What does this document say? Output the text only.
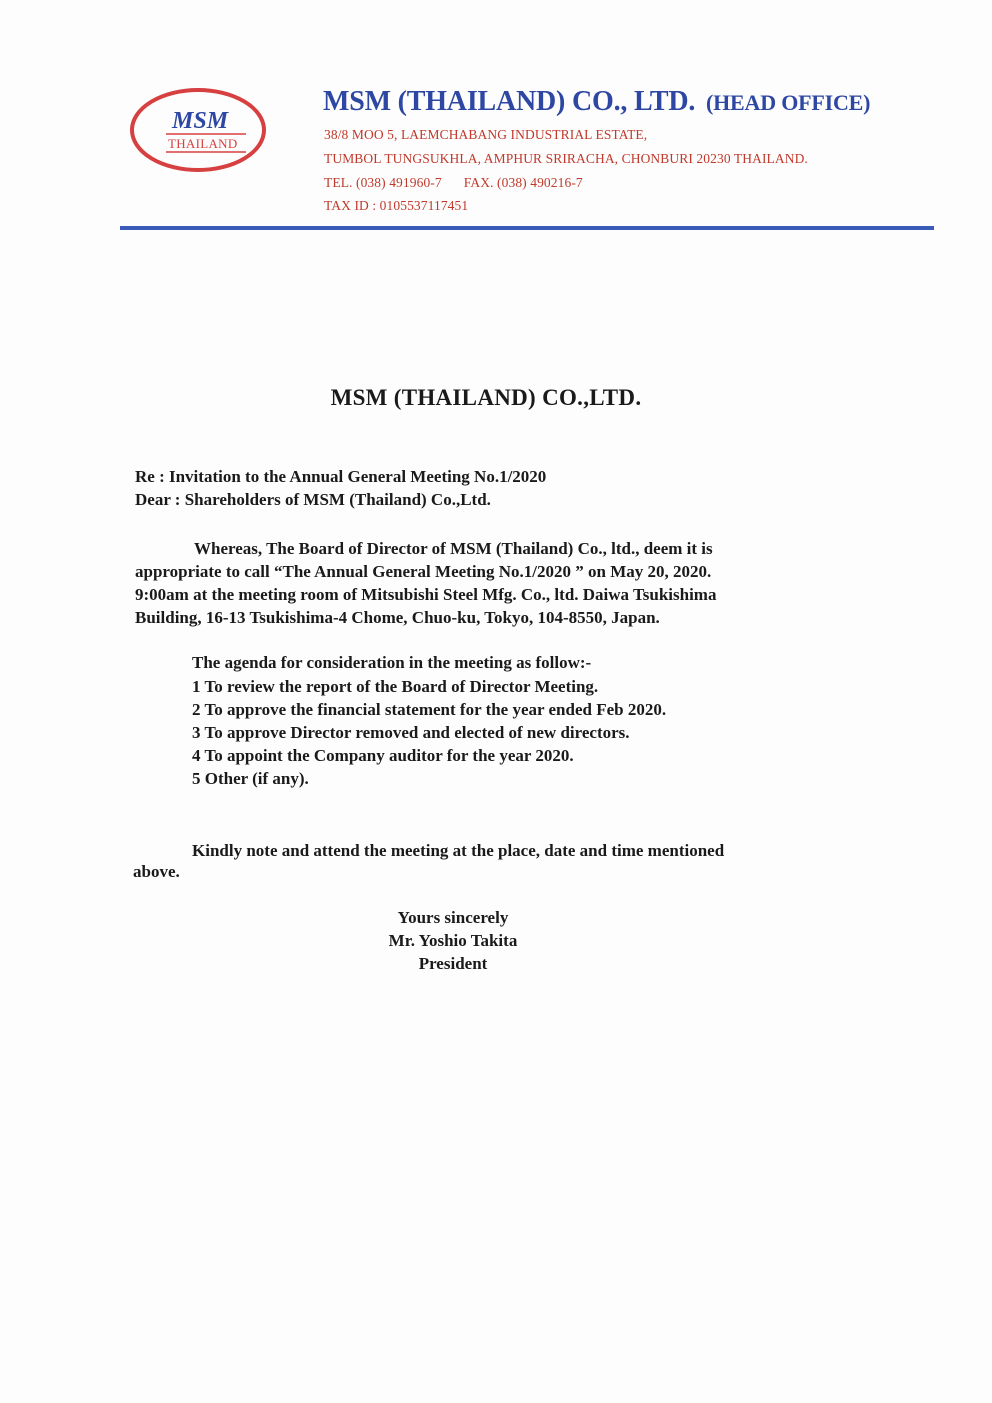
MSM
THAILAND
MSM (THAILAND) CO., LTD. (HEAD OFFICE)
38/8 MOO 5, LAEMCHABANG INDUSTRIAL ESTATE,
TUMBOL TUNGSUKHLA, AMPHUR SRIRACHA, CHONBURI 20230 THAILAND.
TEL. (038) 491960-7 FAX. (038) 490216-7
TAX ID : 0105537117451
MSM (THAILAND) CO.,LTD.
Re : Invitation to the Annual General Meeting No.1/2020
Dear : Shareholders of MSM (Thailand) Co.,Ltd.
Whereas, The Board of Director of MSM (Thailand) Co., ltd., deem it is
appropriate to call “The Annual General Meeting No.1/2020 ” on May 20, 2020.
9:00am at the meeting room of Mitsubishi Steel Mfg. Co., ltd. Daiwa Tsukishima
Building, 16-13 Tsukishima-4 Chome, Chuo-ku, Tokyo, 104-8550, Japan.
The agenda for consideration in the meeting as follow:-
1 To review the report of the Board of Director Meeting.
2 To approve the financial statement for the year ended Feb 2020.
3 To approve Director removed and elected of new directors.
4 To appoint the Company auditor for the year 2020.
5 Other (if any).
Kindly note and attend the meeting at the place, date and time mentioned
above.
Yours sincerely
Mr. Yoshio Takita
President
